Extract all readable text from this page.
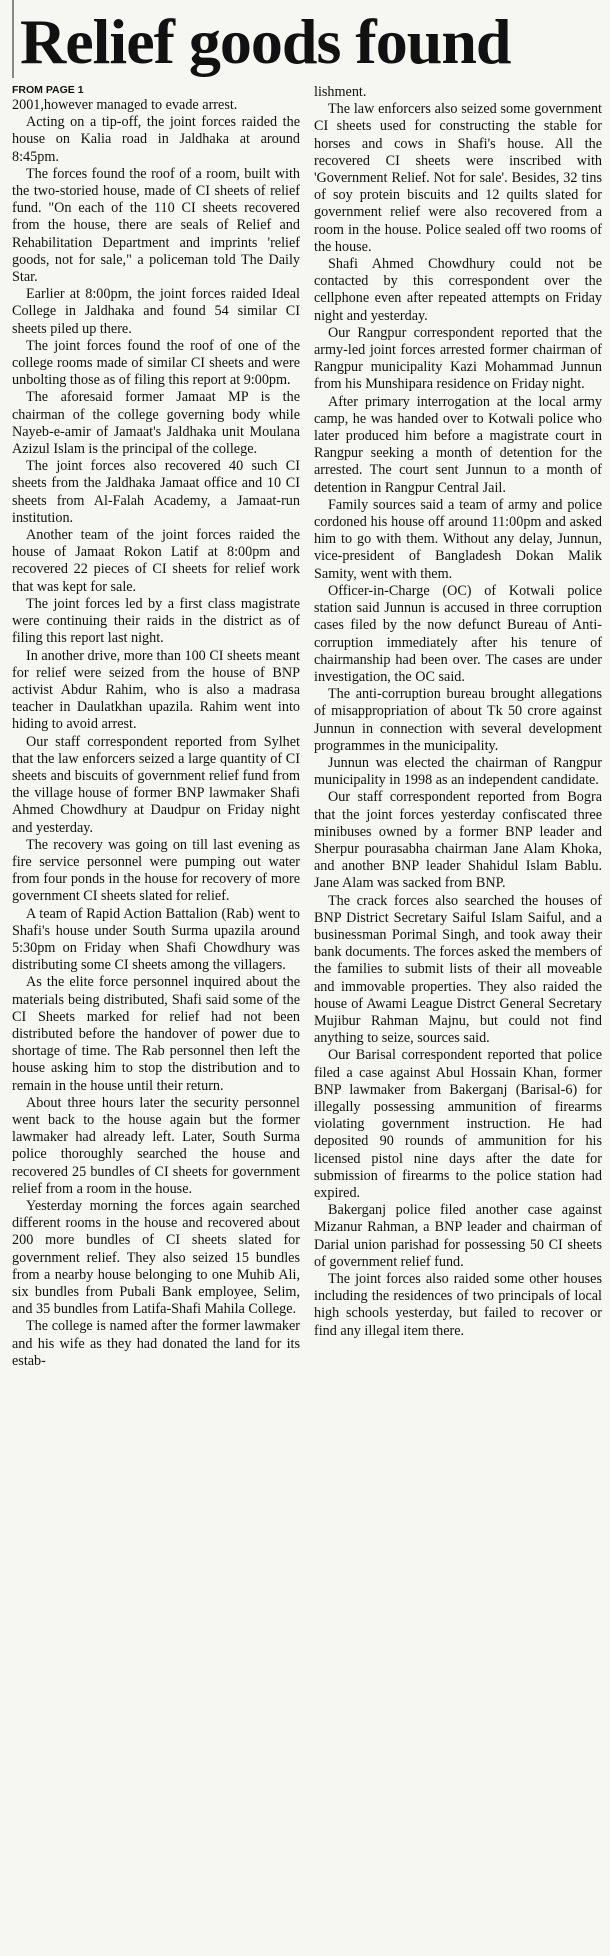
Relief goods found
FROM PAGE 1

2001,however managed to evade arrest.

Acting on a tip-off, the joint forces raided the house on Kalia road in Jaldhaka at around 8:45pm.

The forces found the roof of a room, built with the two-storied house, made of CI sheets of relief fund. "On each of the 110 CI sheets recovered from the house, there are seals of Relief and Rehabilitation Department and imprints 'relief goods, not for sale," a policeman told The Daily Star.

Earlier at 8:00pm, the joint forces raided Ideal College in Jaldhaka and found 54 similar CI sheets piled up there.

The joint forces found the roof of one of the college rooms made of similar CI sheets and were unbolting those as of filing this report at 9:00pm.

The aforesaid former Jamaat MP is the chairman of the college governing body while Nayeb-e-amir of Jamaat's Jaldhaka unit Moulana Azizul Islam is the principal of the college.

The joint forces also recovered 40 such CI sheets from the Jaldhaka Jamaat office and 10 CI sheets from Al-Falah Academy, a Jamaat-run institution.

Another team of the joint forces raided the house of Jamaat Rokon Latif at 8:00pm and recovered 22 pieces of CI sheets for relief work that was kept for sale.

The joint forces led by a first class magistrate were continuing their raids in the district as of filing this report last night.

In another drive, more than 100 CI sheets meant for relief were seized from the house of BNP activist Abdur Rahim, who is also a madrasa teacher in Daulatkhan upazila. Rahim went into hiding to avoid arrest.

Our staff correspondent reported from Sylhet that the law enforcers seized a large quantity of CI sheets and biscuits of government relief fund from the village house of former BNP lawmaker Shafi Ahmed Chowdhury at Daudpur on Friday night and yesterday.

The recovery was going on till last evening as fire service personnel were pumping out water from four ponds in the house for recovery of more government CI sheets slated for relief.

A team of Rapid Action Battalion (Rab) went to Shafi's house under South Surma upazila around 5:30pm on Friday when Shafi Chowdhury was distributing some CI sheets among the villagers.

As the elite force personnel inquired about the materials being distributed, Shafi said some of the CI Sheets marked for relief had not been distributed before the handover of power due to shortage of time. The Rab personnel then left the house asking him to stop the distribution and to remain in the house until their return.

About three hours later the security personnel went back to the house again but the former lawmaker had already left. Later, South Surma police thoroughly searched the house and recovered 25 bundles of CI sheets for government relief from a room in the house.

Yesterday morning the forces again searched different rooms in the house and recovered about 200 more bundles of CI sheets slated for government relief. They also seized 15 bundles from a nearby house belonging to one Muhib Ali, six bundles from Pubali Bank employee, Selim, and 35 bundles from Latifa-Shafi Mahila College.

The college is named after the former lawmaker and his wife as they had donated the land for its estab-

lishment.

The law enforcers also seized some government CI sheets used for constructing the stable for horses and cows in Shafi's house. All the recovered CI sheets were inscribed with 'Government Relief. Not for sale'. Besides, 32 tins of soy protein biscuits and 12 quilts slated for government relief were also recovered from a room in the house. Police sealed off two rooms of the house.

Shafi Ahmed Chowdhury could not be contacted by this correspondent over the cellphone even after repeated attempts on Friday night and yesterday.

Our Rangpur correspondent reported that the army-led joint forces arrested former chairman of Rangpur municipality Kazi Mohammad Junnun from his Munshipara residence on Friday night.

After primary interrogation at the local army camp, he was handed over to Kotwali police who later produced him before a magistrate court in Rangpur seeking a month of detention for the arrested. The court sent Junnun to a month of detention in Rangpur Central Jail.

Family sources said a team of army and police cordoned his house off around 11:00pm and asked him to go with them. Without any delay, Junnun, vice-president of Bangladesh Dokan Malik Samity, went with them.

Officer-in-Charge (OC) of Kotwali police station said Junnun is accused in three corruption cases filed by the now defunct Bureau of Anti-corruption immediately after his tenure of chairmanship had been over. The cases are under investigation, the OC said.

The anti-corruption bureau brought allegations of misappropriation of about Tk 50 crore against Junnun in connection with several development programmes in the municipality.

Junnun was elected the chairman of Rangpur municipality in 1998 as an independent candidate.

Our staff correspondent reported from Bogra that the joint forces yesterday confiscated three minibuses owned by a former BNP leader and Sherpur pourasabha chairman Jane Alam Khoka, and another BNP leader Shahidul Islam Bablu. Jane Alam was sacked from BNP.

The crack forces also searched the houses of BNP District Secretary Saiful Islam Saiful, and a businessman Porimal Singh, and took away their bank documents. The forces asked the members of the families to submit lists of their all moveable and immovable properties. They also raided the house of Awami League Distrct General Secretary Mujibur Rahman Majnu, but could not find anything to seize, sources said.

Our Barisal correspondent reported that police filed a case against Abul Hossain Khan, former BNP lawmaker from Bakerganj (Barisal-6) for illegally possessing ammunition of firearms violating government instruction. He had deposited 90 rounds of ammunition for his licensed pistol nine days after the date for submission of firearms to the police station had expired.

Bakerganj police filed another case against Mizanur Rahman, a BNP leader and chairman of Darial union parishad for possessing 50 CI sheets of government relief fund.

The joint forces also raided some other houses including the residences of two principals of local high schools yesterday, but failed to recover or find any illegal item there.
